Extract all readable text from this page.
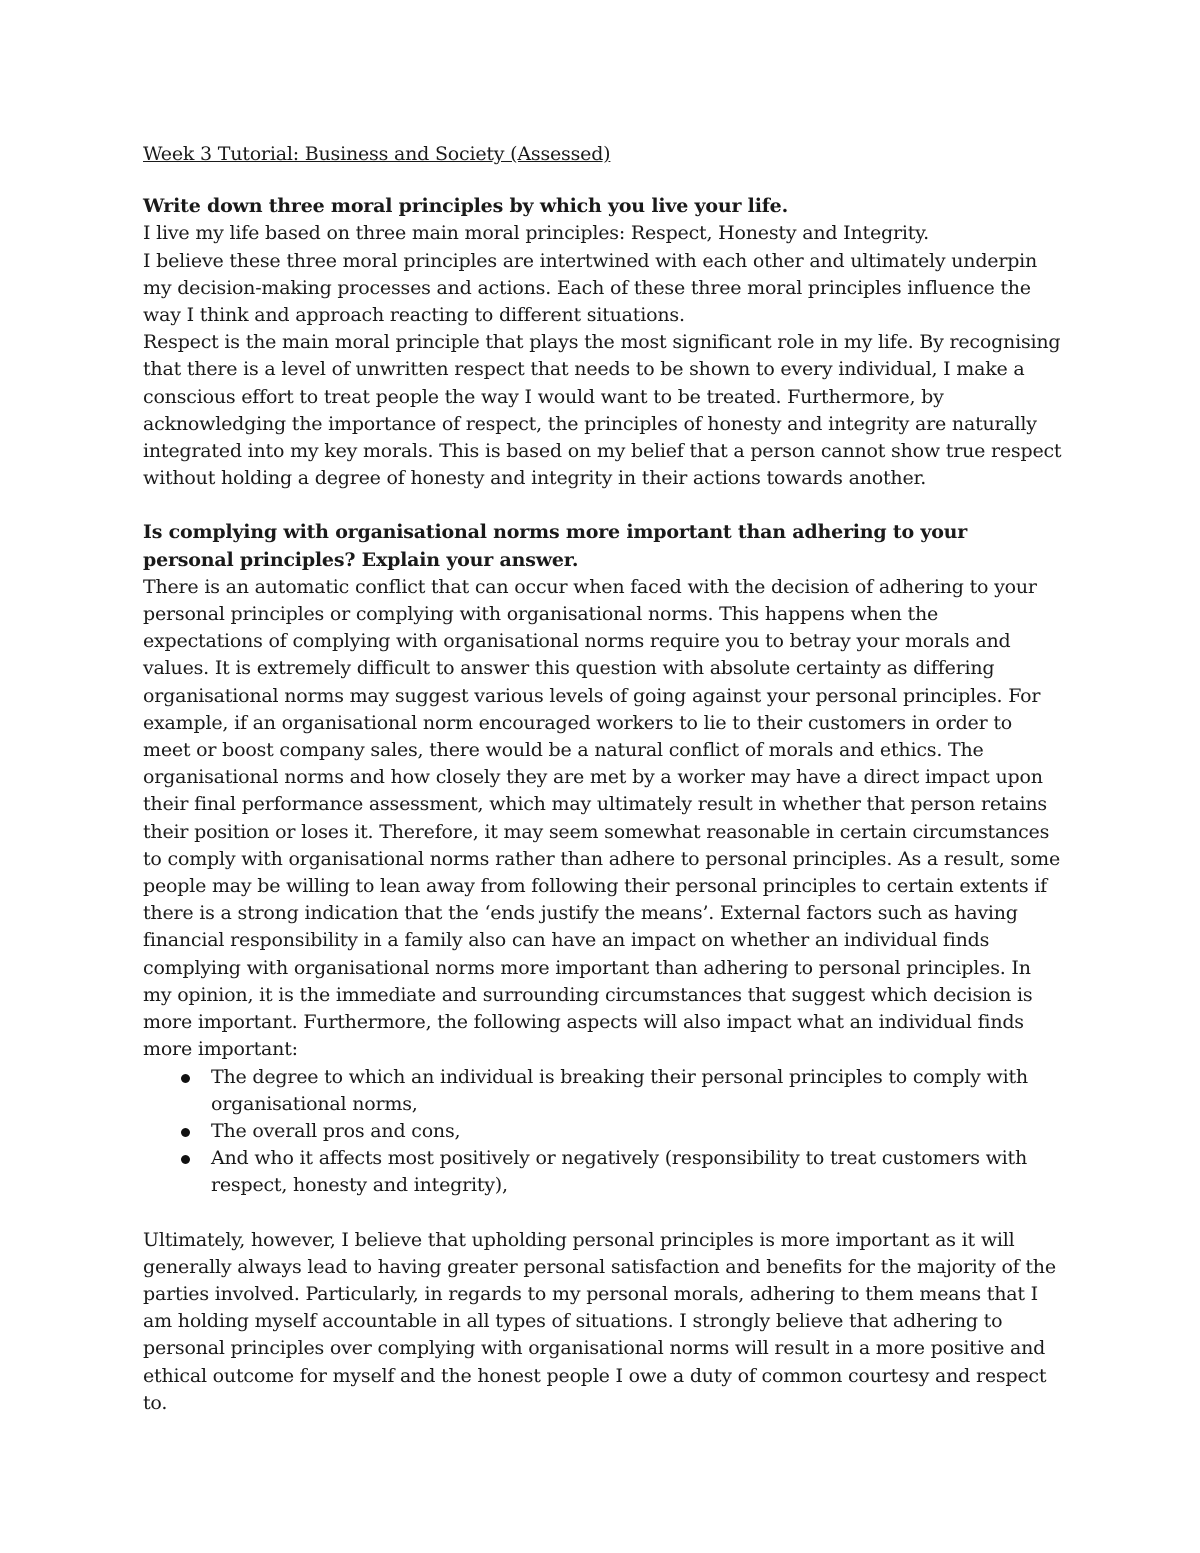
Week 3 Tutorial: Business and Society (Assessed)

Write down three moral principles by which you live your life.

I live my life based on three main moral principles: Respect, Honesty and Integrity.

I believe these three moral principles are intertwined with each other and ultimately underpin my decision-making processes and actions. Each of these three moral principles influence the way I think and approach reacting to different situations.

Respect is the main moral principle that plays the most significant role in my life. By recognising that there is a level of unwritten respect that needs to be shown to every individual, I make a conscious effort to treat people the way I would want to be treated. Furthermore, by acknowledging the importance of respect, the principles of honesty and integrity are naturally integrated into my key morals. This is based on my belief that a person cannot show true respect without holding a degree of honesty and integrity in their actions towards another.

Is complying with organisational norms more important than adhering to your personal principles? Explain your answer.

There is an automatic conflict that can occur when faced with the decision of adhering to your personal principles or complying with organisational norms. This happens when the expectations of complying with organisational norms require you to betray your morals and values. It is extremely difficult to answer this question with absolute certainty as differing organisational norms may suggest various levels of going against your personal principles. For example, if an organisational norm encouraged workers to lie to their customers in order to meet or boost company sales, there would be a natural conflict of morals and ethics. The organisational norms and how closely they are met by a worker may have a direct impact upon their final performance assessment, which may ultimately result in whether that person retains their position or loses it. Therefore, it may seem somewhat reasonable in certain circumstances to comply with organisational norms rather than adhere to personal principles. As a result, some people may be willing to lean away from following their personal principles to certain extents if there is a strong indication that the ‘ends justify the means’. External factors such as having financial responsibility in a family also can have an impact on whether an individual finds complying with organisational norms more important than adhering to personal principles. In my opinion, it is the immediate and surrounding circumstances that suggest which decision is more important. Furthermore, the following aspects will also impact what an individual finds more important:

The degree to which an individual is breaking their personal principles to comply with organisational norms,
The overall pros and cons,
And who it affects most positively or negatively (responsibility to treat customers with respect, honesty and integrity),

Ultimately, however, I believe that upholding personal principles is more important as it will generally always lead to having greater personal satisfaction and benefits for the majority of the parties involved. Particularly, in regards to my personal morals, adhering to them means that I am holding myself accountable in all types of situations. I strongly believe that adhering to personal principles over complying with organisational norms will result in a more positive and ethical outcome for myself and the honest people I owe a duty of common courtesy and respect to.
